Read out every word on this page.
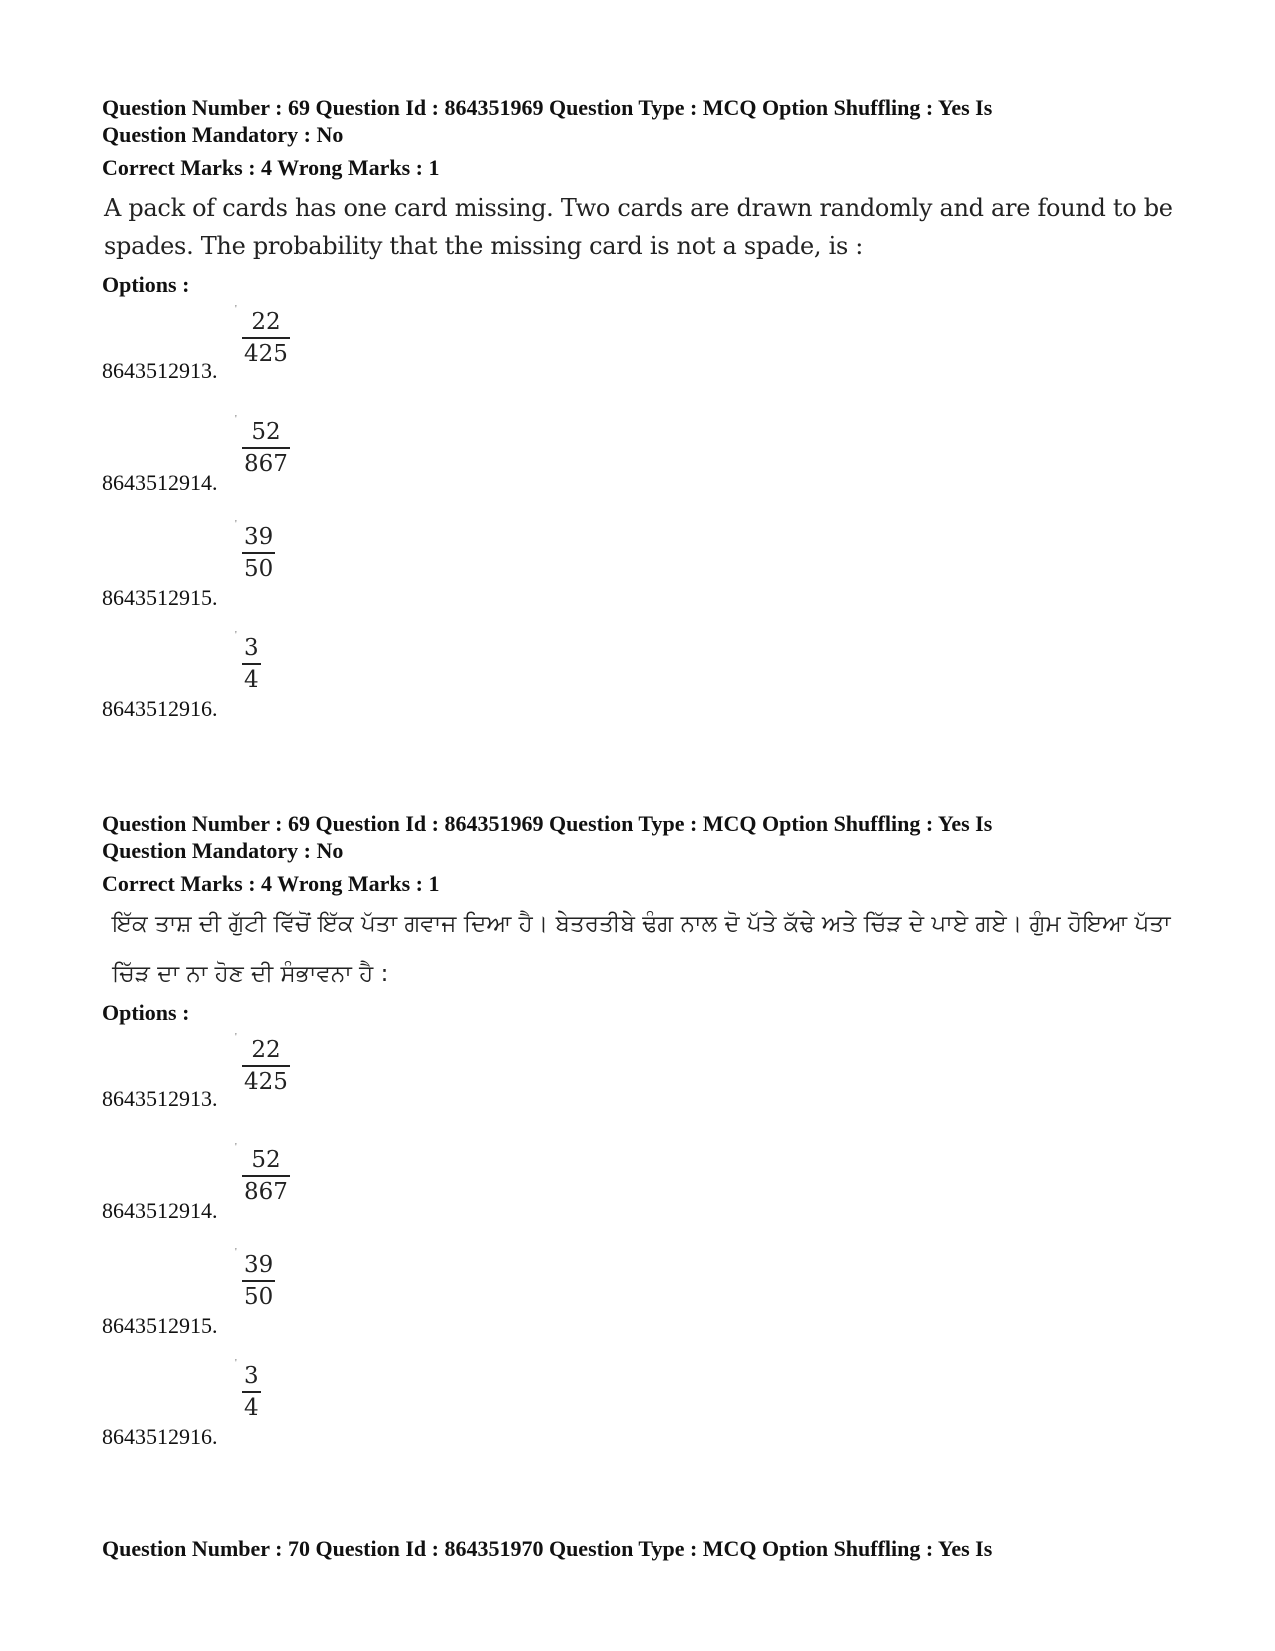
Question Number : 69 Question Id : 864351969 Question Type : MCQ Option Shuffling : Yes Is
Question Mandatory : No
Correct Marks : 4 Wrong Marks : 1
A pack of cards has one card missing. Two cards are drawn randomly and are found to be spades. The probability that the missing card is not a spade, is :
Options :
' 22
425
8643512913.
' 52
867
8643512914.
' 39
50
8643512915.
' 3
4
8643512916.
Question Number : 69 Question Id : 864351969 Question Type : MCQ Option Shuffling : Yes Is
Question Mandatory : No
Correct Marks : 4 Wrong Marks : 1
ਇੱਕ ਤਾਸ਼ ਦੀ ਗੁੱਟੀ ਵਿੱਚੋਂ ਇੱਕ ਪੱਤਾ ਗਵਾਜ ਦਿਆ ਹੈ। ਬੇਤਰਤੀਬੇ ਢੰਗ ਨਾਲ ਦੋ ਪੱਤੇ ਕੱਢੇ ਅਤੇ ਚਿੱੜ ਦੇ ਪਾਏ ਗਏ। ਗੁੰਮ ਹੋਇਆ ਪੱਤਾ ਚਿੱੜ ਦਾ ਨਾ ਹੋਣ ਦੀ ਸੰਭਾਵਨਾ ਹੈ :
Options :
' 22
425
8643512913.
' 52
867
8643512914.
' 39
50
8643512915.
' 3
4
8643512916.
Question Number : 70 Question Id : 864351970 Question Type : MCQ Option Shuffling : Yes Is
